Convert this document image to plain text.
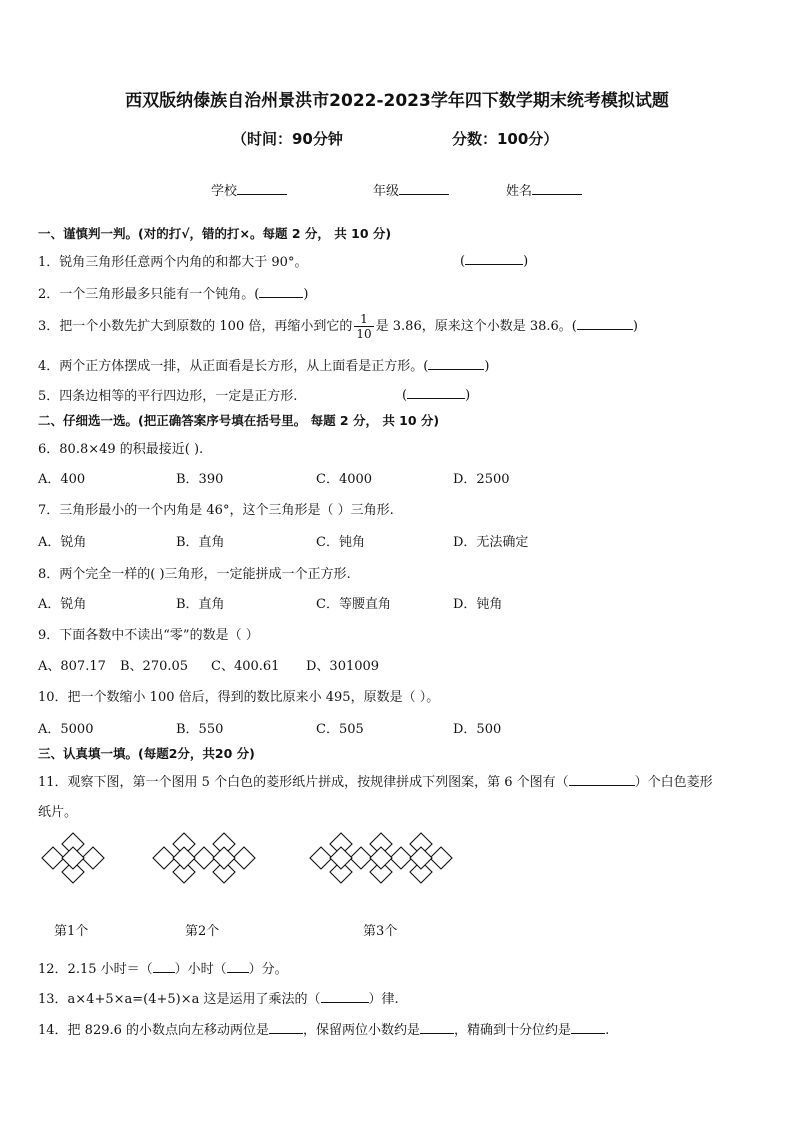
西双版纳傣族自治州景洪市2022-2023学年四下数学期末统考模拟试题
（时间：90分钟	分数：100分）
学校	年级	姓名
一、谨慎判一判。(对的打√，错的打×。每题 2 分， 共 10 分)
1．锐角三角形任意两个内角的和都大于 90°。	(	)
2．一个三角形最多只能有一个钝角。(	)
3．把一个小数先扩大到原数的 100 倍，再缩小到它的 $\frac{1}{10}$ 是 3.86，原来这个小数是 38.6。(	)
4．两个正方体摆成一排，从正面看是长方形，从上面看是正方形。(	)
5．四条边相等的平行四边形，一定是正方形.	(	)
二、仔细选一选。(把正确答案序号填在括号里。 每题 2 分， 共 10 分)
6．80.8×49 的积最接近( ).
A．400	B．390	C．4000	D．2500
7．三角形最小的一个内角是 46°，这个三角形是（ ）三角形.
A．锐角	B．直角	C．钝角	D．无法确定
8．两个完全一样的( )三角形，一定能拼成一个正方形.
A．锐角	B．直角	C．等腰直角	D．钝角
9．下面各数中不读出“零”的数是（ ）
A、807.17 B、270.05 C、400.61 D、301009
10．把一个数缩小 100 倍后，得到的数比原来小 495，原数是（ ）。
A．5000	B．550	C．505	D．500
三、认真填一填。(每题2分，共20 分)
11．观察下图，第一个图用 5 个白色的菱形纸片拼成，按规律拼成下列图案，第 6 个图有（	）个白色菱形
纸片。
第1个	第2个	第3个
12．2.15 小时＝（ ）小时（ ）分。
13．a×4+5×a=(4+5)×a 这是运用了乘法的（	）律.
14．把 829.6 的小数点向左移动两位是	，保留两位小数约是	，精确到十分位约是	.
